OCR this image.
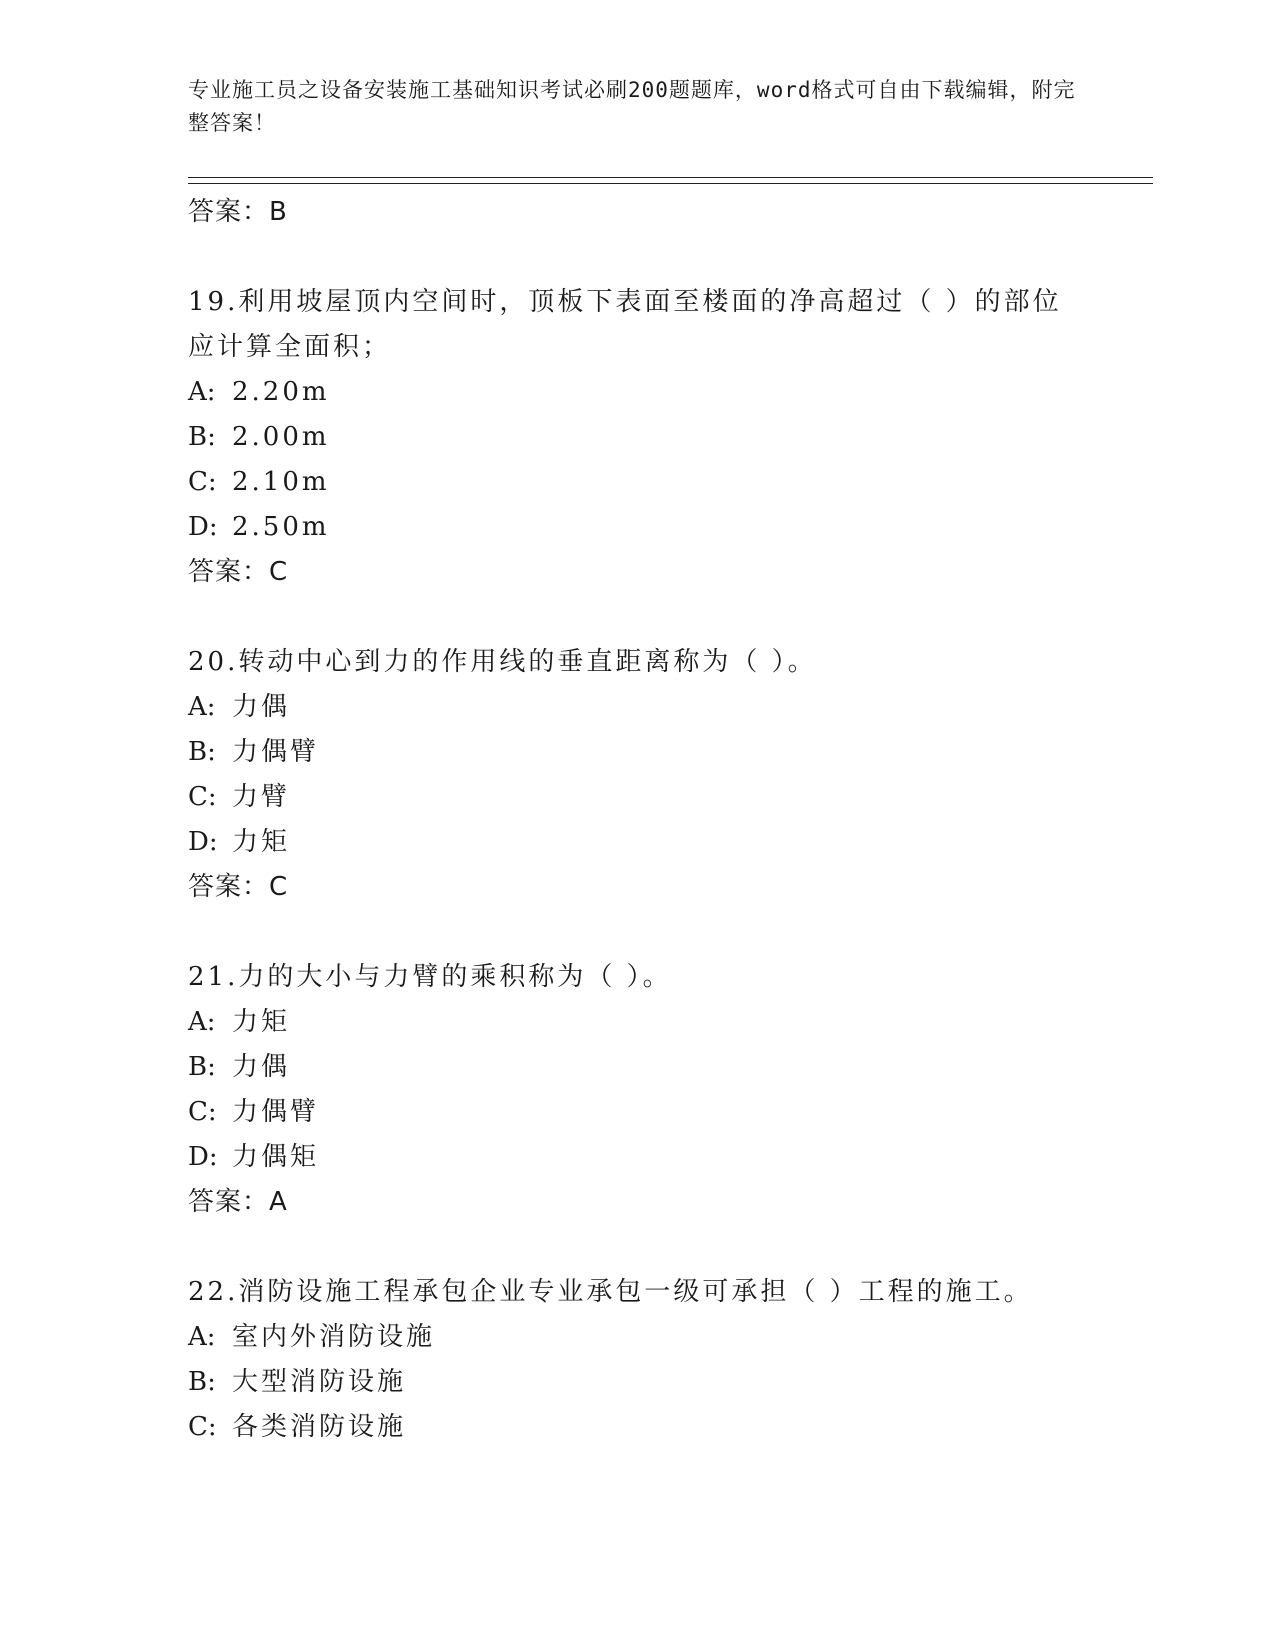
专业施工员之设备安装施工基础知识考试必刷200题题库，word格式可自由下载编辑，附完整答案！
答案：B
19.利用坡屋顶内空间时，顶板下表面至楼面的净高超过（ ）的部位应计算全面积；
A: 2.20m
B: 2.00m
C: 2.10m
D: 2.50m
答案：C
20.转动中心到力的作用线的垂直距离称为（ ）。
A: 力偶
B: 力偶臂
C: 力臂
D: 力矩
答案：C
21.力的大小与力臂的乘积称为（ ）。
A: 力矩
B: 力偶
C: 力偶臂
D: 力偶矩
答案：A
22.消防设施工程承包企业专业承包一级可承担（ ）工程的施工。
A: 室内外消防设施
B: 大型消防设施
C: 各类消防设施
